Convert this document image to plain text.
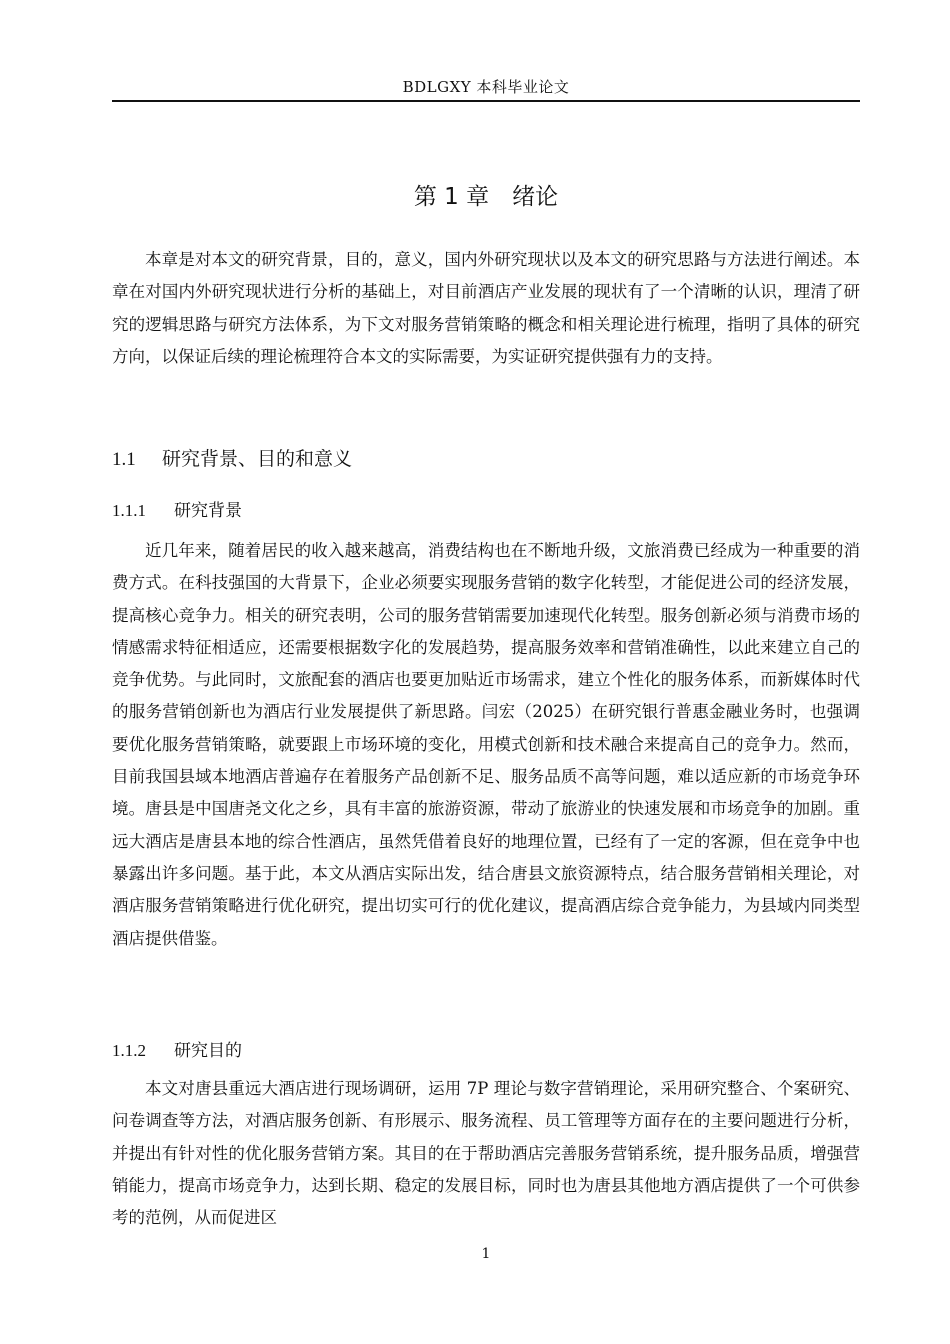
BDLGXY 本科毕业论文
第 1 章　绪论

本章是对本文的研究背景，目的，意义，国内外研究现状以及本文的研究思路与方法进行阐述。本章在对国内外研究现状进行分析的基础上，对目前酒店产业发展的现状有了一个清晰的认识，理清了研究的逻辑思路与研究方法体系，为下文对服务营销策略的概念和相关理论进行梳理，指明了具体的研究方向，以保证后续的理论梳理符合本文的实际需要，为实证研究提供强有力的支持。

1.1 研究背景、目的和意义
1.1.1 研究背景

近几年来，随着居民的收入越来越高，消费结构也在不断地升级，文旅消费已经成为一种重要的消费方式。在科技强国的大背景下，企业必须要实现服务营销的数字化转型，才能促进公司的经济发展，提高核心竞争力。相关的研究表明，公司的服务营销需要加速现代化转型。服务创新必须与消费市场的情感需求特征相适应，还需要根据数字化的发展趋势，提高服务效率和营销准确性，以此来建立自己的竞争优势。与此同时，文旅配套的酒店也要更加贴近市场需求，建立个性化的服务体系，而新媒体时代的服务营销创新也为酒店行业发展提供了新思路。闫宏（2025）在研究银行普惠金融业务时，也强调要优化服务营销策略，就要跟上市场环境的变化，用模式创新和技术融合来提高自己的竞争力。然而，目前我国县域本地酒店普遍存在着服务产品创新不足、服务品质不高等问题，难以适应新的市场竞争环境。唐县是中国唐尧文化之乡，具有丰富的旅游资源，带动了旅游业的快速发展和市场竞争的加剧。重远大酒店是唐县本地的综合性酒店，虽然凭借着良好的地理位置，已经有了一定的客源，但在竞争中也暴露出许多问题。基于此，本文从酒店实际出发，结合唐县文旅资源特点，结合服务营销相关理论，对酒店服务营销策略进行优化研究，提出切实可行的优化建议，提高酒店综合竞争能力，为县域内同类型酒店提供借鉴。

1.1.2 研究目的

本文对唐县重远大酒店进行现场调研，运用 7P 理论与数字营销理论，采用研究整合、个案研究、问卷调查等方法，对酒店服务创新、有形展示、服务流程、员工管理等方面存在的主要问题进行分析，并提出有针对性的优化服务营销方案。其目的在于帮助酒店完善服务营销系统，提升服务品质，增强营销能力，提高市场竞争力，达到长期、稳定的发展目标，同时也为唐县其他地方酒店提供了一个可供参考的范例，从而促进区

1
